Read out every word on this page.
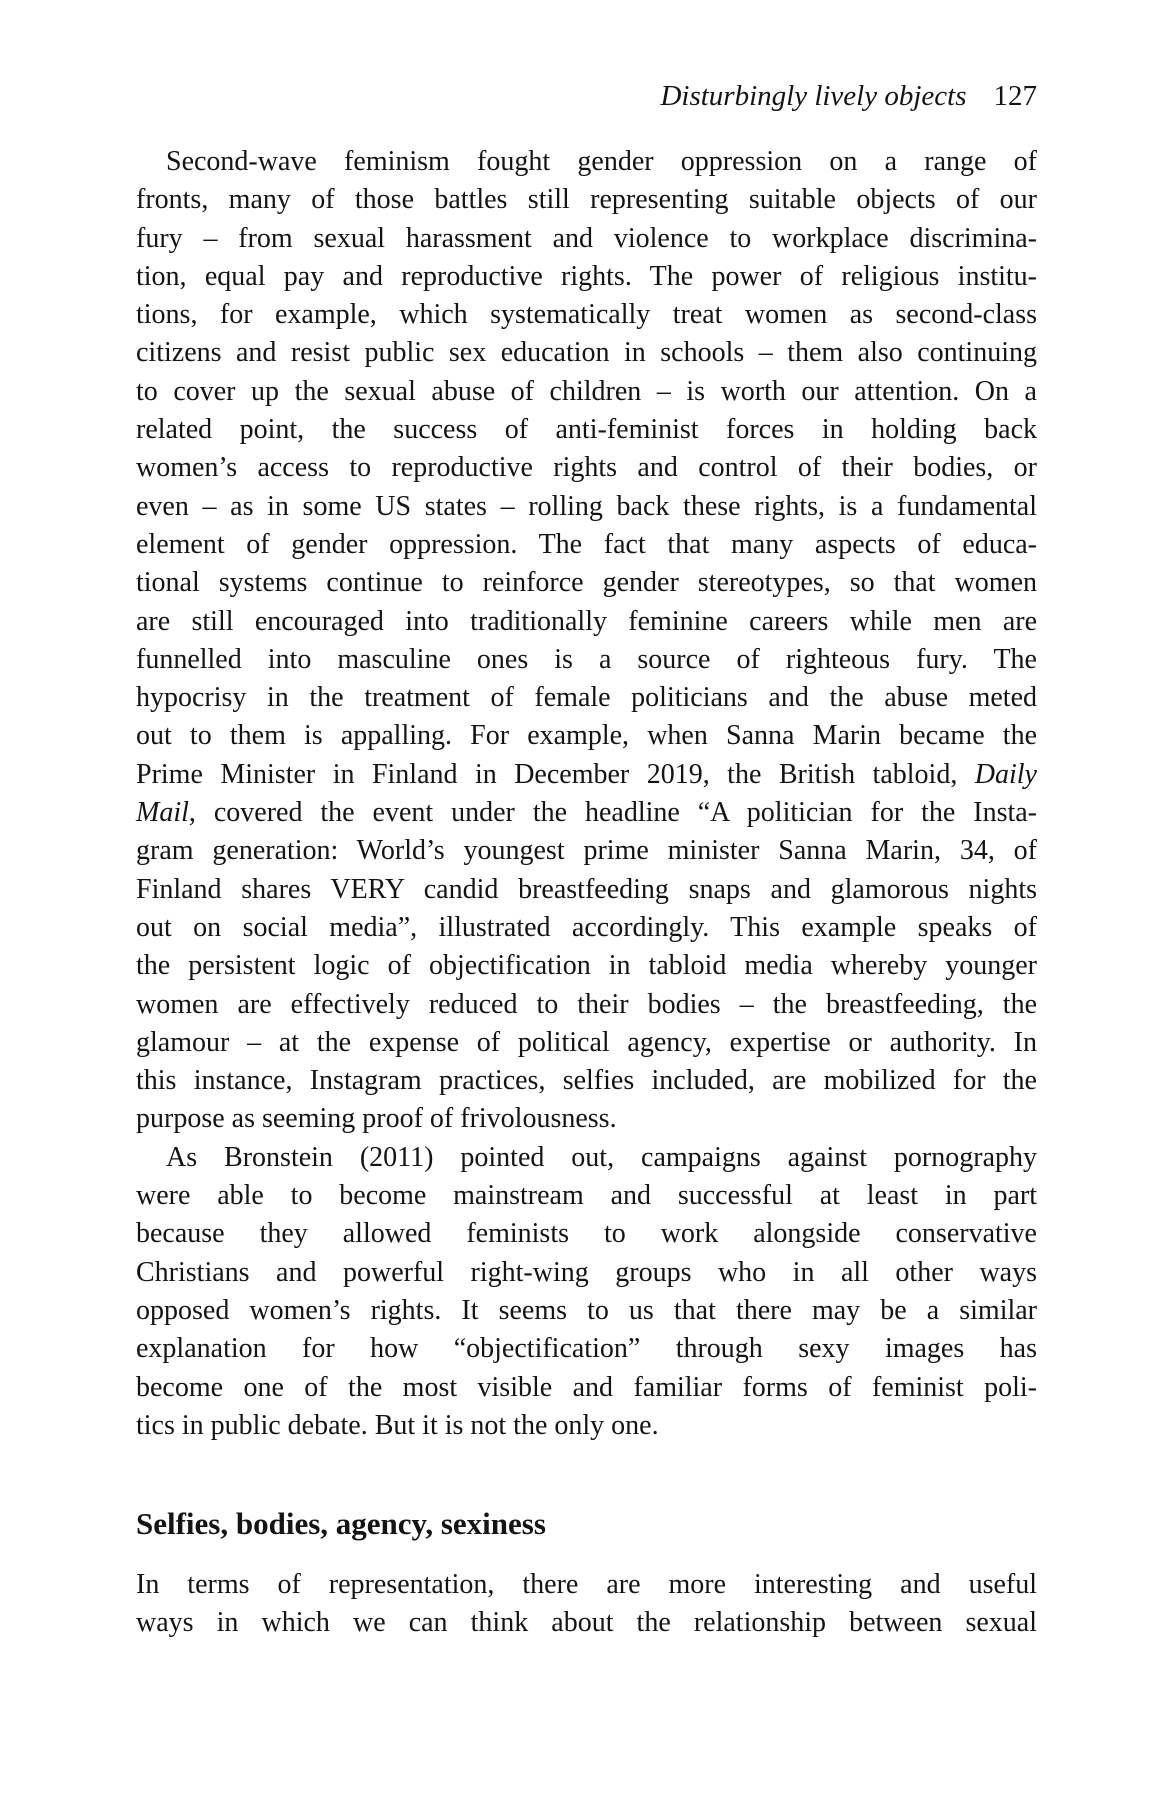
Disturbingly lively objects 127
Second-wave feminism fought gender oppression on a range of
fronts, many of those battles still representing suitable objects of our
fury – from sexual harassment and violence to workplace discrimina-
tion, equal pay and reproductive rights. The power of religious institu-
tions, for example, which systematically treat women as second-class
citizens and resist public sex education in schools – them also continuing
to cover up the sexual abuse of children – is worth our attention. On a
related point, the success of anti-feminist forces in holding back
women’s access to reproductive rights and control of their bodies, or
even – as in some US states – rolling back these rights, is a fundamental
element of gender oppression. The fact that many aspects of educa-
tional systems continue to reinforce gender stereotypes, so that women
are still encouraged into traditionally feminine careers while men are
funnelled into masculine ones is a source of righteous fury. The
hypocrisy in the treatment of female politicians and the abuse meted
out to them is appalling. For example, when Sanna Marin became the
Prime Minister in Finland in December 2019, the British tabloid, Daily
Mail, covered the event under the headline “A politician for the Insta-
gram generation: World’s youngest prime minister Sanna Marin, 34, of
Finland shares VERY candid breastfeeding snaps and glamorous nights
out on social media”, illustrated accordingly. This example speaks of
the persistent logic of objectification in tabloid media whereby younger
women are effectively reduced to their bodies – the breastfeeding, the
glamour – at the expense of political agency, expertise or authority. In
this instance, Instagram practices, selfies included, are mobilized for the
purpose as seeming proof of frivolousness.
As Bronstein (2011) pointed out, campaigns against pornography
were able to become mainstream and successful at least in part
because they allowed feminists to work alongside conservative
Christians and powerful right-wing groups who in all other ways
opposed women’s rights. It seems to us that there may be a similar
explanation for how “objectification” through sexy images has
become one of the most visible and familiar forms of feminist poli-
tics in public debate. But it is not the only one.
Selfies, bodies, agency, sexiness
In terms of representation, there are more interesting and useful
ways in which we can think about the relationship between sexual
